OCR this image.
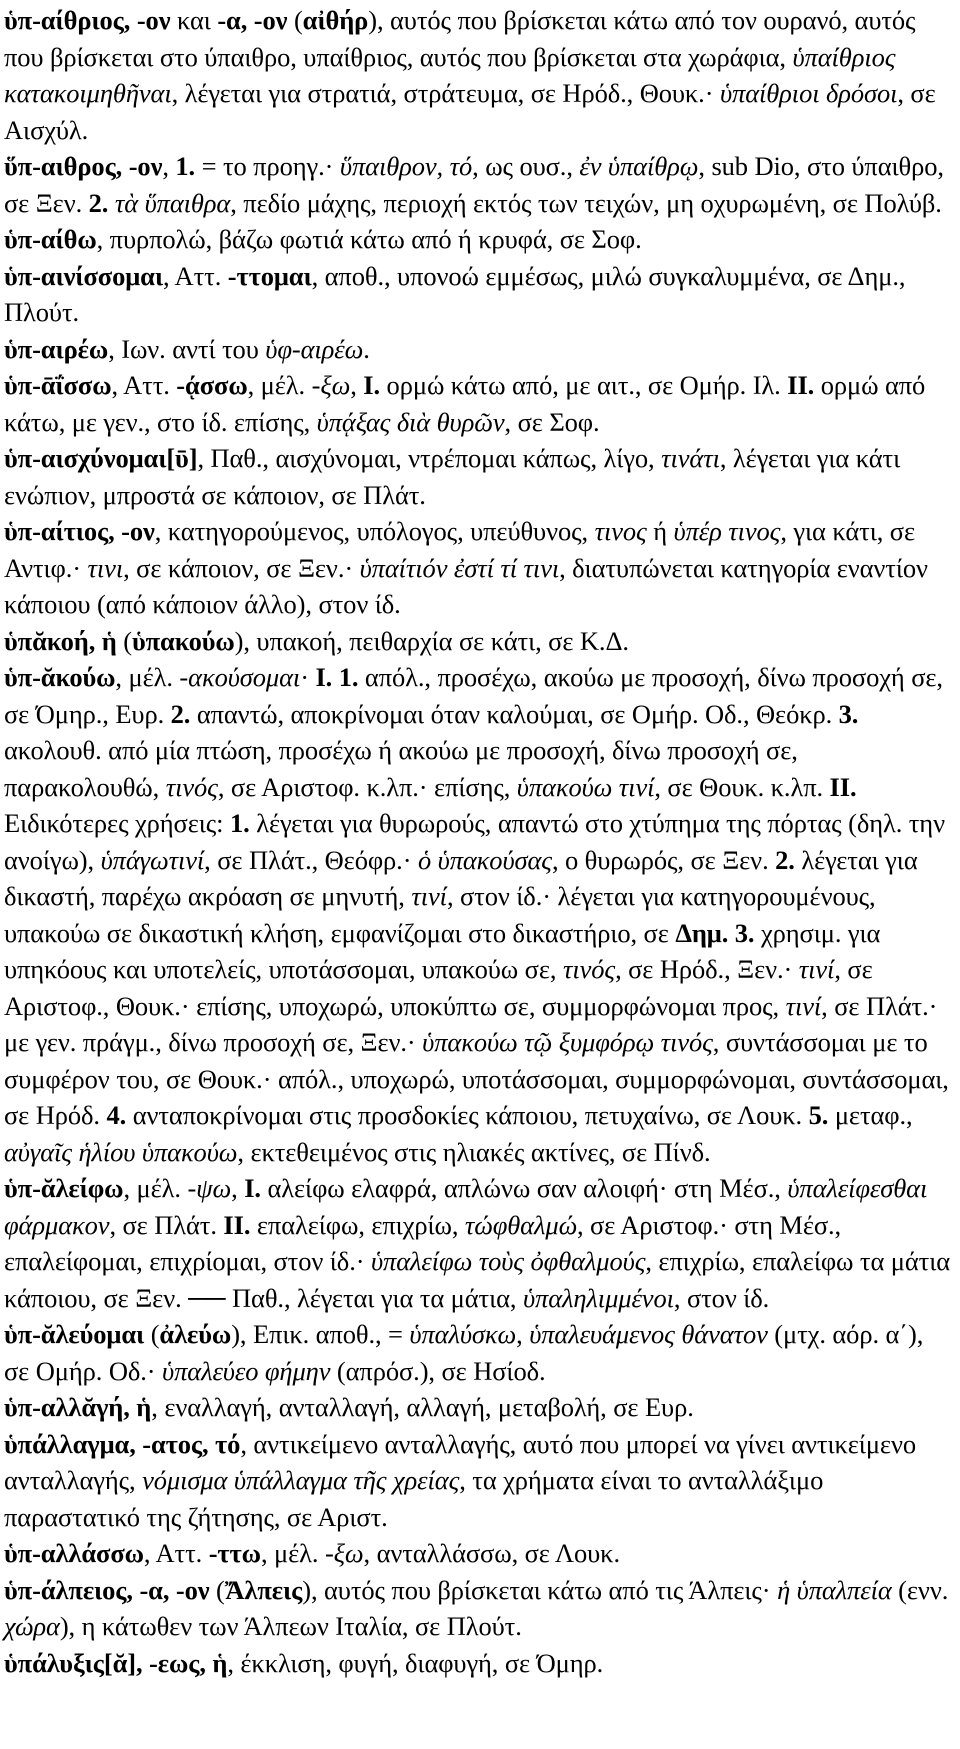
ὑπ-αίθριος, -ον και -α, -ον (αἰθήρ), αυτός που βρίσκεται κάτω από τον ουρανό, αυτός που βρίσκεται στο ύπαιθρο, υπαίθριος, αυτός που βρίσκεται στα χωράφια, ὑπαίθριος κατακοιμηθῆναι, λέγεται για στρατιά, στράτευμα, σε Ηρόδ., Θουκ.· ὑπαίθριοι δρόσοι, σε Αισχύλ.

ὕπ-αιθρος, -ον, 1. = το προηγ.· ὕπαιθρον, τό, ως ουσ., ἐν ὑπαίθρῳ, sub Dio, στο ύπαιθρο, σε Ξεν. 2. τὰ ὕπαιθρα, πεδίο μάχης, περιοχή εκτός των τειχών, μη οχυρωμένη, σε Πολύβ.

ὑπ-αίθω, πυρπολώ, βάζω φωτιά κάτω από ή κρυφά, σε Σοφ.

ὑπ-αινίσσομαι, Αττ. -ττομαι, αποθ., υπονοώ εμμέσως, μιλώ συγκαλυμμένα, σε Δημ., Πλούτ.

ὑπ-αιρέω, Ιων. αντί του ὑφ-αιρέω.

ὑπ-ᾱΐσσω, Αττ. -ᾴσσω, μέλ. -ξω, I. ορμώ κάτω από, με αιτ., σε Ομήρ. Ιλ. II. ορμώ από κάτω, με γεν., στο ίδ. επίσης, ὑπᾴξας διὰ θυρῶν, σε Σοφ.

ὑπ-αισχύνομαι[ῡ], Παθ., αισχύνομαι, ντρέπομαι κάπως, λίγο, τινάτι, λέγεται για κάτι ενώπιον, μπροστά σε κάποιον, σε Πλάτ.

ὑπ-αίτιος, -ον, κατηγορούμενος, υπόλογος, υπεύθυνος, τινος ή ὑπέρ τινος, για κάτι, σε Αντιφ.· τινι, σε κάποιον, σε Ξεν.· ὑπαίτιόν ἐστί τί τινι, διατυπώνεται κατηγορία εναντίον κάποιου (από κάποιον άλλο), στον ίδ.

ὑπᾰκοή, ἡ (ὑπακούω), υπακοή, πειθαρχία σε κάτι, σε Κ.Δ.

ὑπ-ᾰκούω, μέλ. -ακούσομαι· I. 1. απόλ., προσέχω, ακούω με προσοχή, δίνω προσοχή σε, σε Όμηρ., Ευρ. 2. απαντώ, αποκρίνομαι όταν καλούμαι, σε Ομήρ. Οδ., Θεόκρ. 3. ακολουθ. από μία πτώση, προσέχω ή ακούω με προσοχή, δίνω προσοχή σε, παρακολουθώ, τινός, σε Αριστοφ. κ.λπ.· επίσης, ὑπακούω τινί, σε Θουκ. κ.λπ. II. Ειδικότερες χρήσεις: 1. λέγεται για θυρωρούς, απαντώ στο χτύπημα της πόρτας (δηλ. την ανοίγω), ὑπάγωτινί, σε Πλάτ., Θεόφρ.· ὁ ὑπακούσας, ο θυρωρός, σε Ξεν. 2. λέγεται για δικαστή, παρέχω ακρόαση σε μηνυτή, τινί, στον ίδ.· λέγεται για κατηγορουμένους, υπακούω σε δικαστική κλήση, εμφανίζομαι στο δικαστήριο, σε Δημ. 3. χρησιμ. για υπηκόους και υποτελείς, υποτάσσομαι, υπακούω σε, τινός, σε Ηρόδ., Ξεν.· τινί, σε Αριστοφ., Θουκ.· επίσης, υποχωρώ, υποκύπτω σε, συμμορφώνομαι προς, τινί, σε Πλάτ.· με γεν. πράγμ., δίνω προσοχή σε, Ξεν.· ὑπακούω τῷ ξυμφόρῳ τινός, συντάσσομαι με το συμφέρον του, σε Θουκ.· απόλ., υποχωρώ, υποτάσσομαι, συμμορφώνομαι, συντάσσομαι, σε Ηρόδ. 4. ανταποκρίνομαι στις προσδοκίες κάποιου, πετυχαίνω, σε Λουκ. 5. μεταφ., αὐγαῖς ἡλίου ὑπακούω, εκτεθειμένος στις ηλιακές ακτίνες, σε Πίνδ.

ὑπ-ᾰλείφω, μέλ. -ψω, I. αλείφω ελαφρά, απλώνω σαν αλοιφή· στη Μέσ., ὑπαλείφεσθαι φάρμακον, σε Πλάτ. II. επαλείφω, επιχρίω, τώφθαλμώ, σε Αριστοφ.· στη Μέσ., επαλείφομαι, επιχρίομαι, στον ίδ.· ὑπαλείφω τοὺς ὀφθαλμούς, επιχρίω, επαλείφω τα μάτια κάποιου, σε Ξεν. ── Παθ., λέγεται για τα μάτια, ὑπαληλιμμένοι, στον ίδ.

ὑπ-ᾰλεύομαι (ἀλεύω), Επικ. αποθ., = ὑπαλύσκω, ὑπαλευάμενος θάνατον (μτχ. αόρ. α΄), σε Ομήρ. Οδ.· ὑπαλεύεο φήμην (απρόσ.), σε Ησίοδ.

ὑπ-αλλᾰγή, ἡ, εναλλαγή, ανταλλαγή, αλλαγή, μεταβολή, σε Ευρ.

ὑπάλλαγμα, -ατος, τό, αντικείμενο ανταλλαγής, αυτό που μπορεί να γίνει αντικείμενο ανταλλαγής, νόμισμα ὑπάλλαγμα τῆς χρείας, τα χρήματα είναι το ανταλλάξιμο παραστατικό της ζήτησης, σε Αριστ.

ὑπ-αλλάσσω, Αττ. -ττω, μέλ. -ξω, ανταλλάσσω, σε Λουκ.

ὑπ-άλπειος, -α, -ον (Ἄλπεις), αυτός που βρίσκεται κάτω από τις Άλπεις· ἡ ὑπαλπεία (ενν. χώρα), η κάτωθεν των Άλπεων Ιταλία, σε Πλούτ.

ὑπάλυξις[ᾰ], -εως, ἡ, έκκλιση, φυγή, διαφυγή, σε Όμηρ.
